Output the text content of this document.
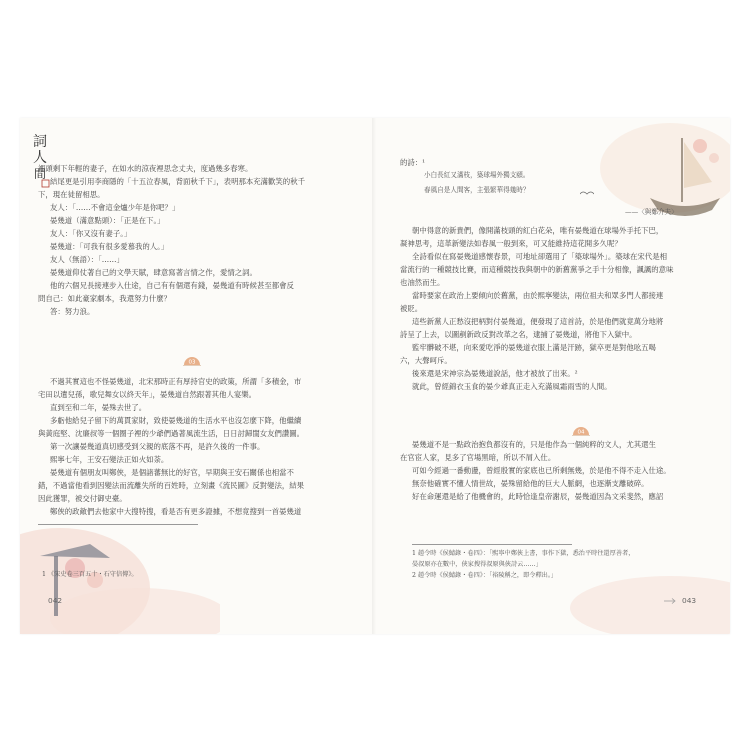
詞
人
間
裡頭剩下年輕的妻子，在如水的涼夜裡思念丈夫，度過幾多春寒。
結尾更是引用李商隱的「十五泣春風，背面秋千下」，表明那本充滿歡笑的秋千
下，現在徒留相思。
友人：「……不會這金爐少年是你吧？」
晏幾道（滿意點頭）：「正是在下。」
友人：「你又沒有妻子。」
晏幾道：「可我有很多愛慕我的人。」
友人（無語）：「……」
晏幾道仰仗著自己的文學天賦，肆意寫著言情之作，愛情之詞。
他的六個兄長接連步入仕途，自己有有個還有錢，晏幾道有時候甚至都會反
問自己：如此豪家劇本，我還努力什麼？
答：努力浪。
03
不過其實這也不怪晏幾道，北宋那時正有厚持官史的政策，所謂「多積金，市
宅田以遺兒孫，歌兒舞女以終天年」，晏幾道自然跟著其他人宴樂。
直到至和二年，晏殊去世了。
多虧他給兒子留下的萬貫家財，致使晏幾道的生活水平也沒怎麼下降，他繼續
與黃庭堅、沈廉叔等一個圈子裡的少爺們過著風流生活，日日討歸閨女友們讚圖。
第一次讓晏幾道真切感受到父親的底落不再，是許久後的一件事。
熙寧七年，王安石變法正如火如荼。
晏幾道有個朋友叫鄭俠，是個諸蕃無比的好官，早期與王安石關係也相當不
錯，不過當他看到因變法而流離失所的百姓時，立刻畫《流民圖》反對變法，結果
因此獲罪，被交付御史臺。
鄭俠的政敵們去他家中大搜特搜，看是否有更多證據，不想竟搜到一首晏幾道
1 《宋史卷三百五十・石守信傳》。
042
的詩：¹
小白長紅又滿枝，築球場外獨支頤。
春風自是人間客，主張繁華得幾時？
——〈與鄭介夫〉
朝中得意的新貴們，像開滿枝頭的紅白花朵，唯有晏幾道在球場外手托下巴，
凝神思考，這革新變法如春風一般到來，可又能維持這花開多久呢？
全詩看似在寫晏幾道感懷春景，可地址卻選用了「築球場外」。築球在宋代是相
當流行的一種競技比賽，而這種競技我與朝中的新舊黨爭之手十分相像，諷諷的意味
也油然而生。
當時要家在政治上要傾向於舊黨，由於熙寧變法，兩位祖夫和眾多門人都接連
被貶。
這些新黨人正愁沒把柄對付晏幾道，便發現了這首詩，於是他們就竟萬分地將
詩呈了上去，以圖剷新政反對改革之名，逮捕了晏幾道，將他下入獄中。
監牢髒破不堪，向來愛吃淨的晏幾道衣服上滿是汗跡，獄卒更是對他吆五喝
六，大聲呵斥。
後來還是宋神宗為晏幾道說話，他才被放了出來。²
就此，曾經錦衣玉食的晏少爺真正走入充滿風霜雨雪的人間。
04
晏幾道不是一點政治抱負都沒有的，只是他作為一個純粹的文人，尤其還生
在官宦人家，見多了官場黑暗，所以不屑入仕。
可如今經過一番動盪，曾經殷實的家底也已所剩無幾，於是他不得不走入仕途。
無奈他確實不懂人情世故，晏殊留給他的巨大人脈網，也逐漸支離破碎。
好在命運還是給了他機會的，此時恰逢皇帝謝辰，晏幾道因為文采斐然，應詔
1 趙令時《侯鯖錄・卷四》：「熙寧中鄭俠上書，事作下獄，悉治平時往還厚善者，
晏叔原亦在數中，俠家搜得叔原與俠詩云……」
2 趙令時《侯鯖錄・卷四》：「裕陵稱之，即令釋出。」
043
